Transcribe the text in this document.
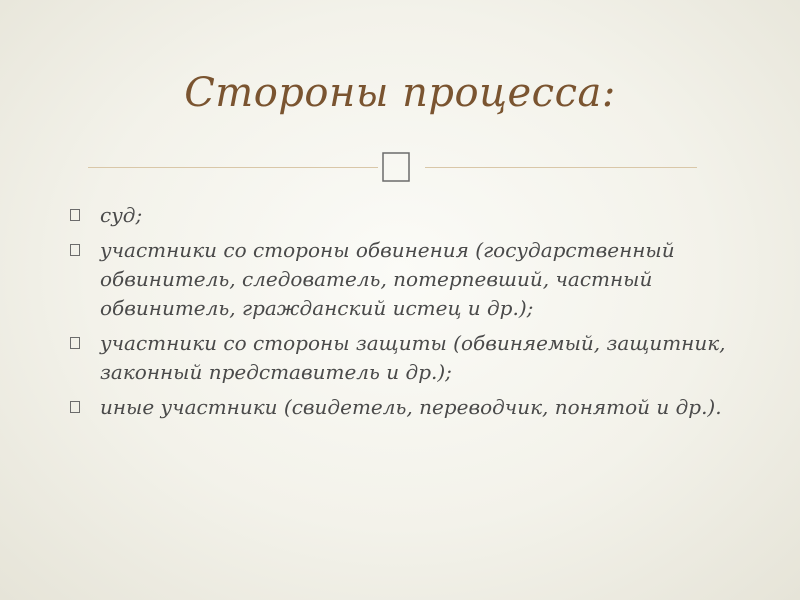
Стороны процесса:
суд;
участники со стороны обвинения (государственный обвинитель, следователь, потерпевший, частный обвинитель, гражданский истец и др.);
участники со стороны защиты (обвиняемый, защитник, законный представитель и др.);
иные участники (свидетель, переводчик, понятой и др.).
